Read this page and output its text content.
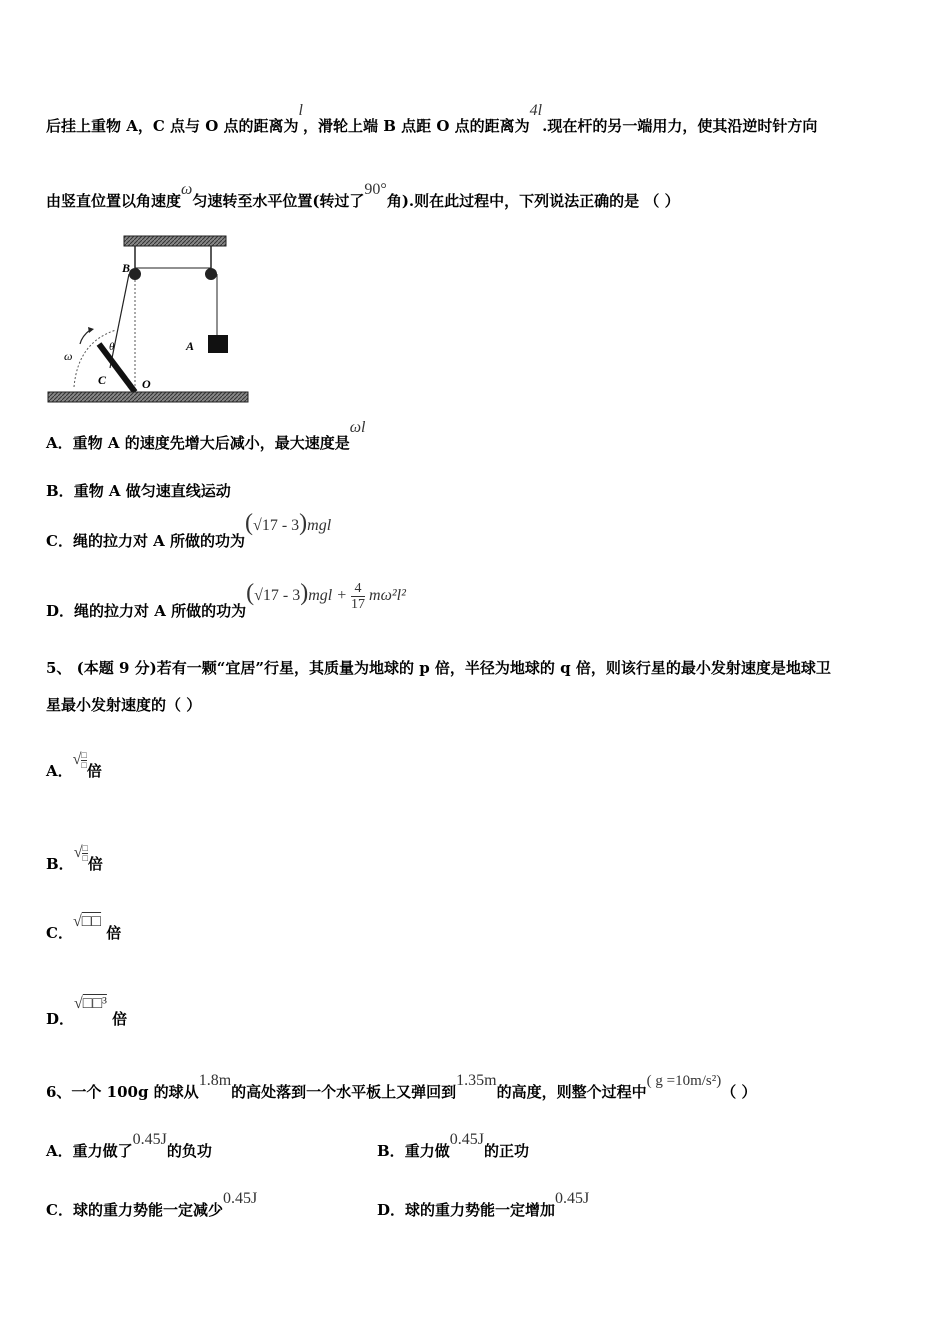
后挂上重物 A，C 点与 O 点的距离为l，滑轮上端 B 点距 O 点的距离为4l.现在杆的另一端用力，使其沿逆时针方向
由竖直位置以角速度ω匀速转至水平位置(转过了90°角).则在此过程中，下列说法正确的是 （ ）
B
θ	A
ω
C	O
A．重物 A 的速度先增大后减小，最大速度是ωl
B．重物 A 做匀速直线运动
C．绳的拉力对 A 所做的功为(√17 - 3)mgl
D．绳的拉力对 A 所做的功为$(√17 - 3)mgl + \frac{4}{17} m\omega^2l^2$
5、 (本题 9 分)若有一颗“宜居”行星，其质量为地球的 p 倍，半径为地球的 q 倍，则该行星的最小发射速度是地球卫
星最小发射速度的（ ）
A．√ $\frac{□}{□}$
倍
B．√ $\frac{□}{□}$
倍
C．√□□ 倍
D．√□□³ 倍
6、一个 100g 的球从1.8m的高处落到一个水平板上又弹回到1.35m的高度，则整个过程中( g =10m/s²)（ ）
A．重力做了0.45J的负功	B．重力做0.45J的正功
C．球的重力势能一定减少0.45J
D．球的重力势能一定增加0.45J
